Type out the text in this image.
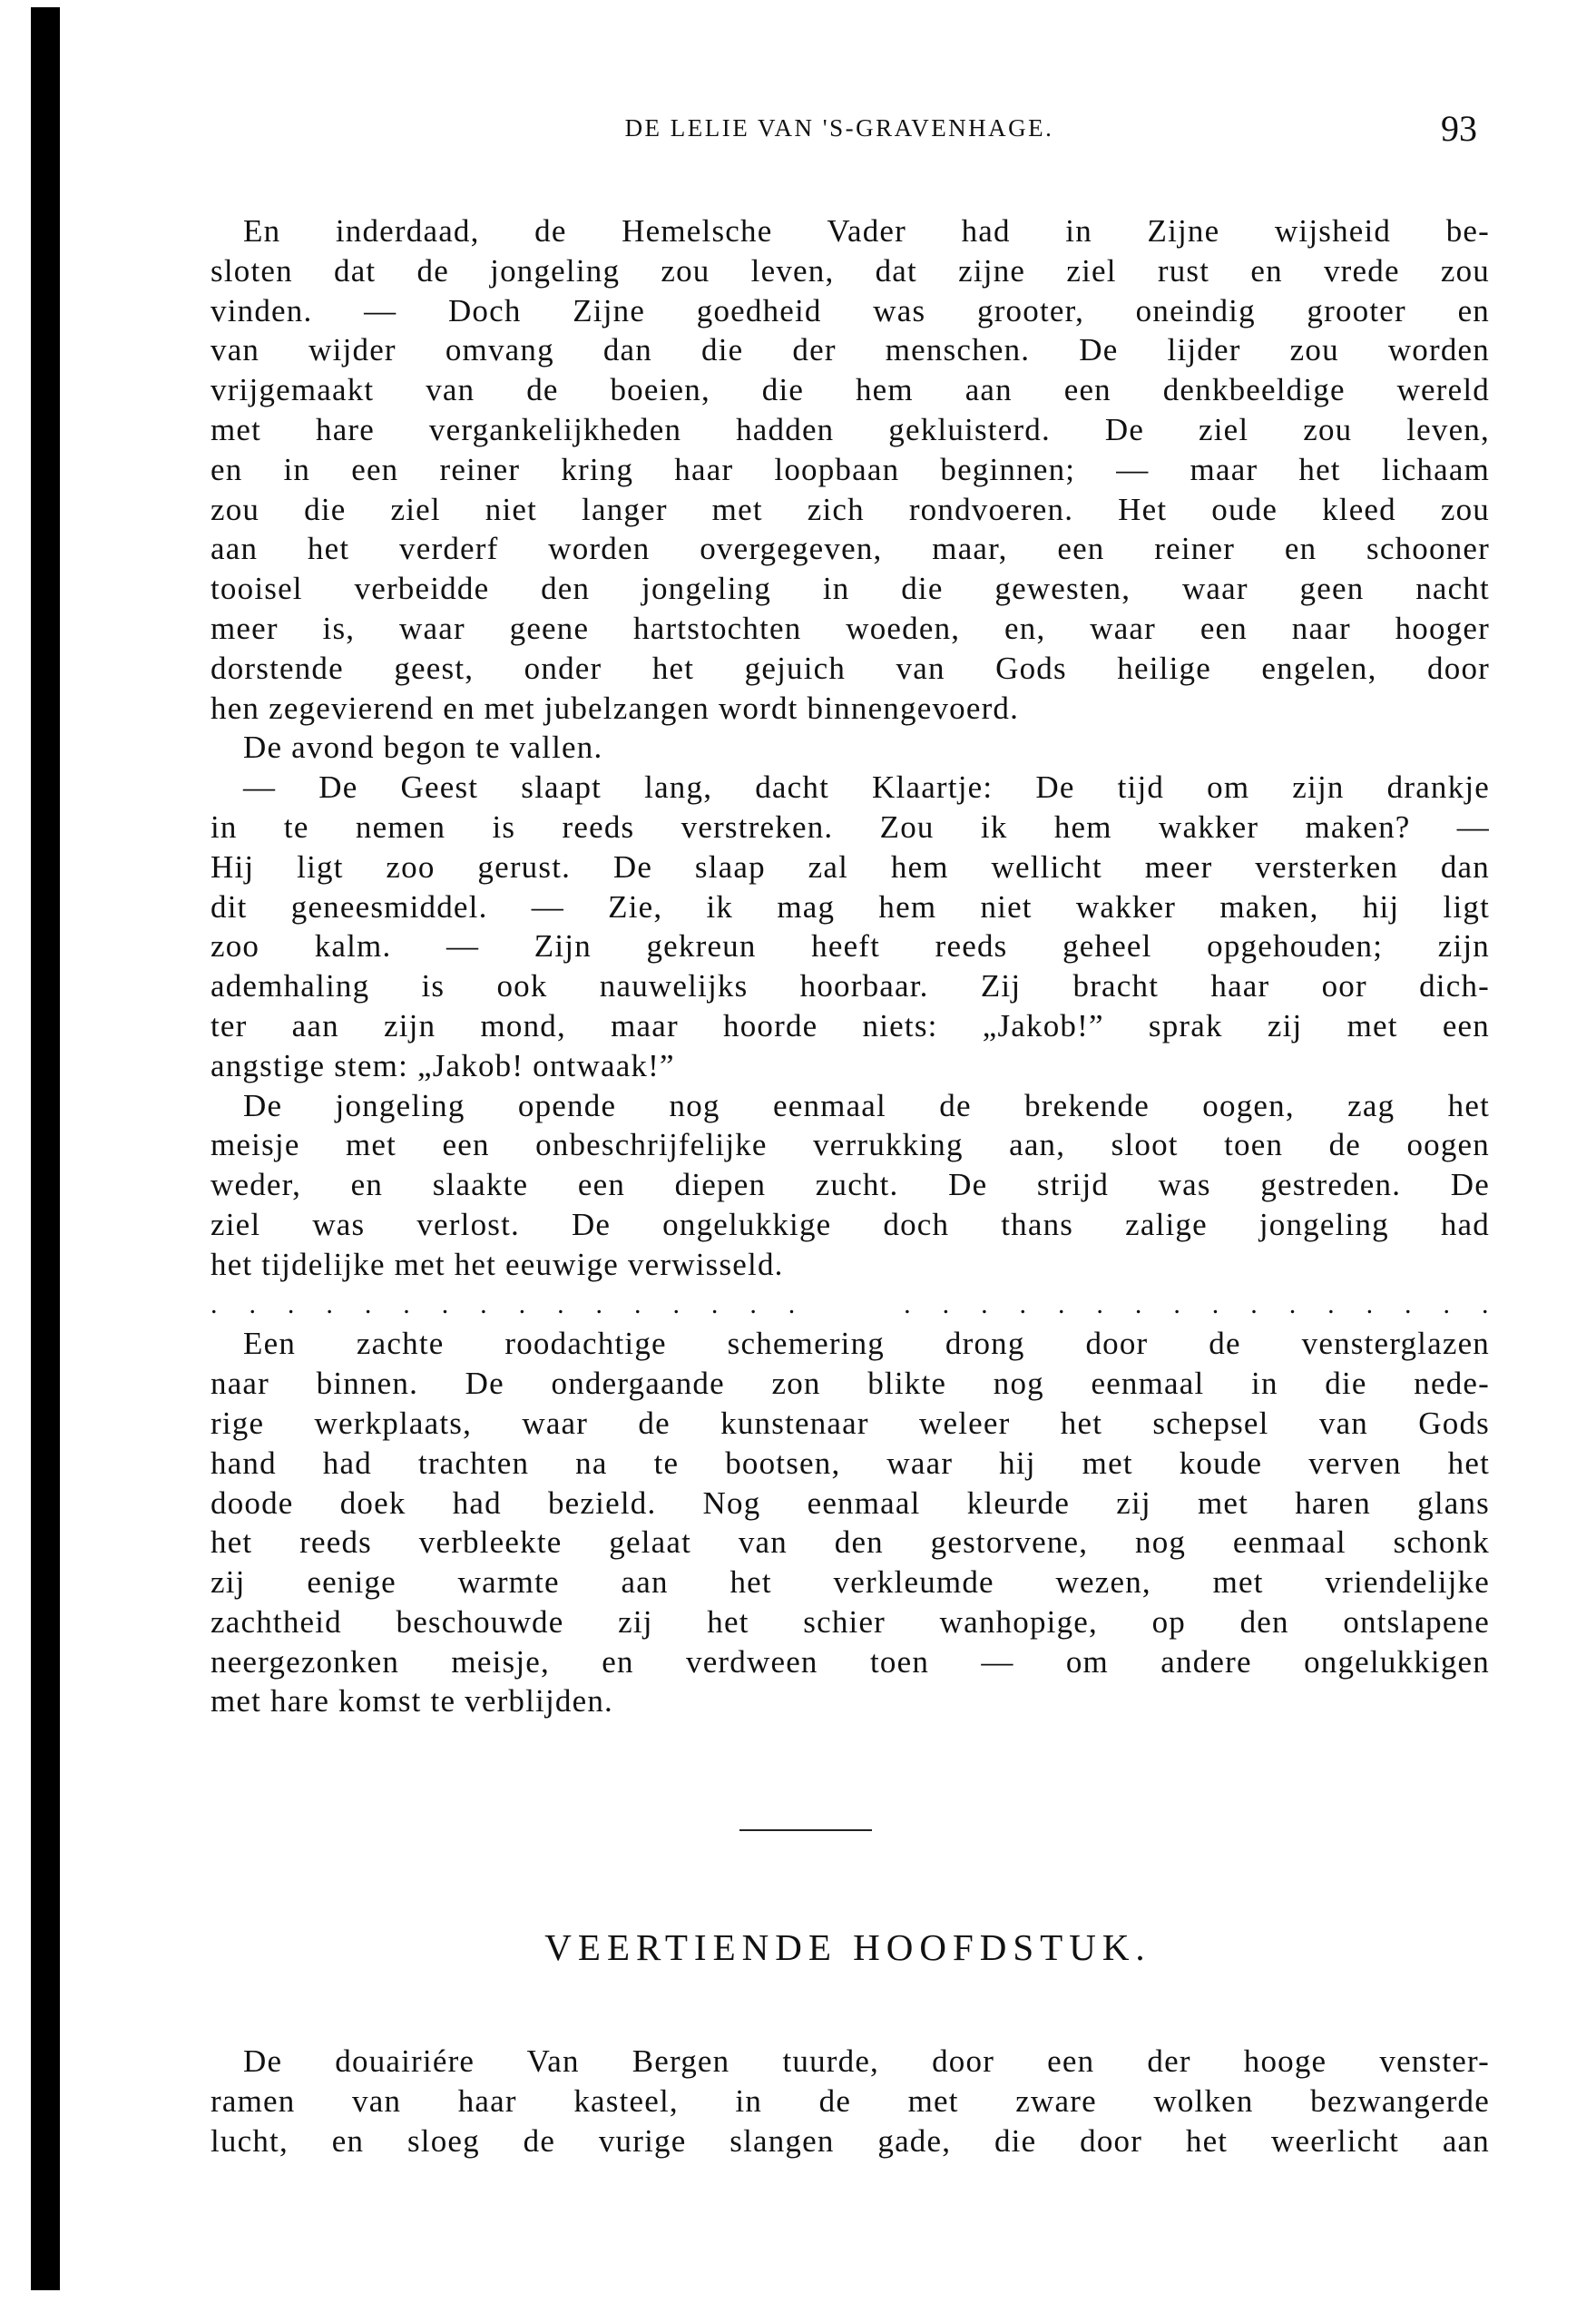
DE LELIE VAN 'S-GRAVENHAGE.	93
En inderdaad, de Hemelsche Vader had in Zijne wijsheid be-
sloten dat de jongeling zou leven, dat zijne ziel rust en vrede zou
vinden. — Doch Zijne goedheid was grooter, oneindig grooter en
van wijder omvang dan die der menschen. De lijder zou worden
vrijgemaakt van de boeien, die hem aan een denkbeeldige wereld
met hare vergankelijkheden hadden gekluisterd. De ziel zou leven,
en in een reiner kring haar loopbaan beginnen; — maar het lichaam
zou die ziel niet langer met zich rondvoeren. Het oude kleed zou
aan het verderf worden overgegeven, maar, een reiner en schooner
tooisel verbeidde den jongeling in die gewesten, waar geen nacht
meer is, waar geene hartstochten woeden, en, waar een naar hooger
dorstende geest, onder het gejuich van Gods heilige engelen, door
hen zegevierend en met jubelzangen wordt binnengevoerd.
De avond begon te vallen.
— De Geest slaapt lang, dacht Klaartje: De tijd om zijn drankje
in te nemen is reeds verstreken. Zou ik hem wakker maken? —
Hij ligt zoo gerust. De slaap zal hem wellicht meer versterken dan
dit geneesmiddel. — Zie, ik mag hem niet wakker maken, hij ligt
zoo kalm. — Zijn gekreun heeft reeds geheel opgehouden; zijn
ademhaling is ook nauwelijks hoorbaar. Zij bracht haar oor dich-
ter aan zijn mond, maar hoorde niets: „Jakob!” sprak zij met een
angstige stem: „Jakob! ontwaak!”
De jongeling opende nog eenmaal de brekende oogen, zag het
meisje met een onbeschrijfelijke verrukking aan, sloot toen de oogen
weder, en slaakte een diepen zucht. De strijd was gestreden. De
ziel was verlost. De ongelukkige doch thans zalige jongeling had
het tijdelijke met het eeuwige verwisseld.
. . . . . . . . . . . . . . . .

	. . . . . . . . . . . . . . . .
Een zachte roodachtige schemering drong door de vensterglazen
naar binnen. De ondergaande zon blikte nog eenmaal in die nede-
rige werkplaats, waar de kunstenaar weleer het schepsel van Gods
hand had trachten na te bootsen, waar hij met koude verven het
doode doek had bezield. Nog eenmaal kleurde zij met haren glans
het reeds verbleekte gelaat van den gestorvene, nog eenmaal schonk
zij eenige warmte aan het verkleumde wezen, met vriendelijke
zachtheid beschouwde zij het schier wanhopige, op den ontslapene
neergezonken meisje, en verdween toen — om andere ongelukkigen
met hare komst te verblijden.
VEERTIENDE HOOFDSTUK.
De douairiére Van Bergen tuurde, door een der hooge venster-
ramen van haar kasteel, in de met zware wolken bezwangerde
lucht, en sloeg de vurige slangen gade, die door het weerlicht aan
